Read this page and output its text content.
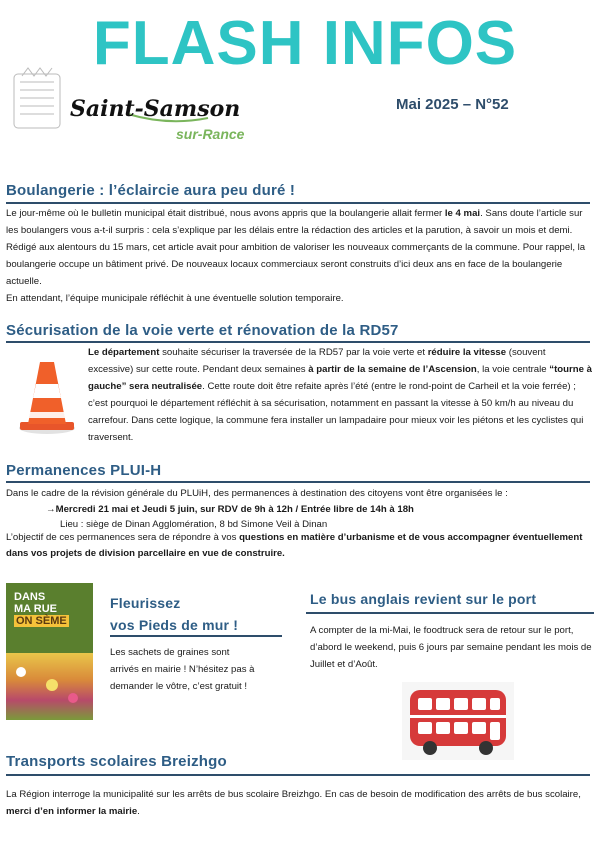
FLASH INFOS
Saint-Samson
sur-Rance
Mai 2025 – N°52
Boulangerie : l’éclaircie aura peu duré !
Le jour-même où le bulletin municipal était distribué, nous avons appris que la boulangerie allait fermer le 4 mai. Sans doute l’article sur les boulangers vous a-t-il surpris : cela s’explique par les délais entre la rédaction des articles et la parution, à savoir un mois et demi. Rédigé aux alentours du 15 mars, cet article avait pour ambition de valoriser les nouveaux commerçants de la commune. Pour rappel, la boulangerie occupe un bâtiment privé. De nouveaux locaux commerciaux seront construits d’ici deux ans en face de la boulangerie actuelle.
En attendant, l’équipe municipale réfléchit à une éventuelle solution temporaire.
Sécurisation de la voie verte et rénovation de la RD57
Le département souhaite sécuriser la traversée de la RD57 par la voie verte et réduire la vitesse (souvent excessive) sur cette route. Pendant deux semaines à partir de la semaine de l’Ascension, la voie centrale “tourne à gauche” sera neutralisée. Cette route doit être refaite après l’été (entre le rond-point de Carheil et la voie ferrée) ; c’est pourquoi le département réfléchit à sa sécurisation, notamment en passant la vitesse à 50 km/h au niveau du carrefour. Dans cette logique, la commune fera installer un lampadaire pour mieux voir les piétons et les cyclistes qui traversent.
Permanences PLUI-H
Dans le cadre de la révision générale du PLUiH, des permanences à destination des citoyens vont être organisées le :
→Mercredi 21 mai et Jeudi 5 juin, sur RDV de 9h à 12h / Entrée libre de 14h à 18h
Lieu : siège de Dinan Agglomération, 8 bd Simone Veil à Dinan
L’objectif de ces permanences sera de répondre à vos questions en matière d’urbanisme et de vous accompagner éventuellement dans vos projets de division parcellaire en vue de construire.
DANS
MA RUE
ON SÈME
Fleurissez
vos Pieds de mur !
Les sachets de graines sont arrivés en mairie ! N’hésitez pas à demander le vôtre, c’est gratuit !
Le bus anglais revient sur le port
A compter de la mi-Mai, le foodtruck sera de retour sur le port, d’abord le weekend, puis 6 jours par semaine pendant les mois de Juillet et d’Août.
Transports scolaires Breizhgo
La Région interroge la municipalité sur les arrêts de bus scolaire Breizhgo. En cas de besoin de modification des arrêts de bus scolaire, merci d’en informer la mairie.
